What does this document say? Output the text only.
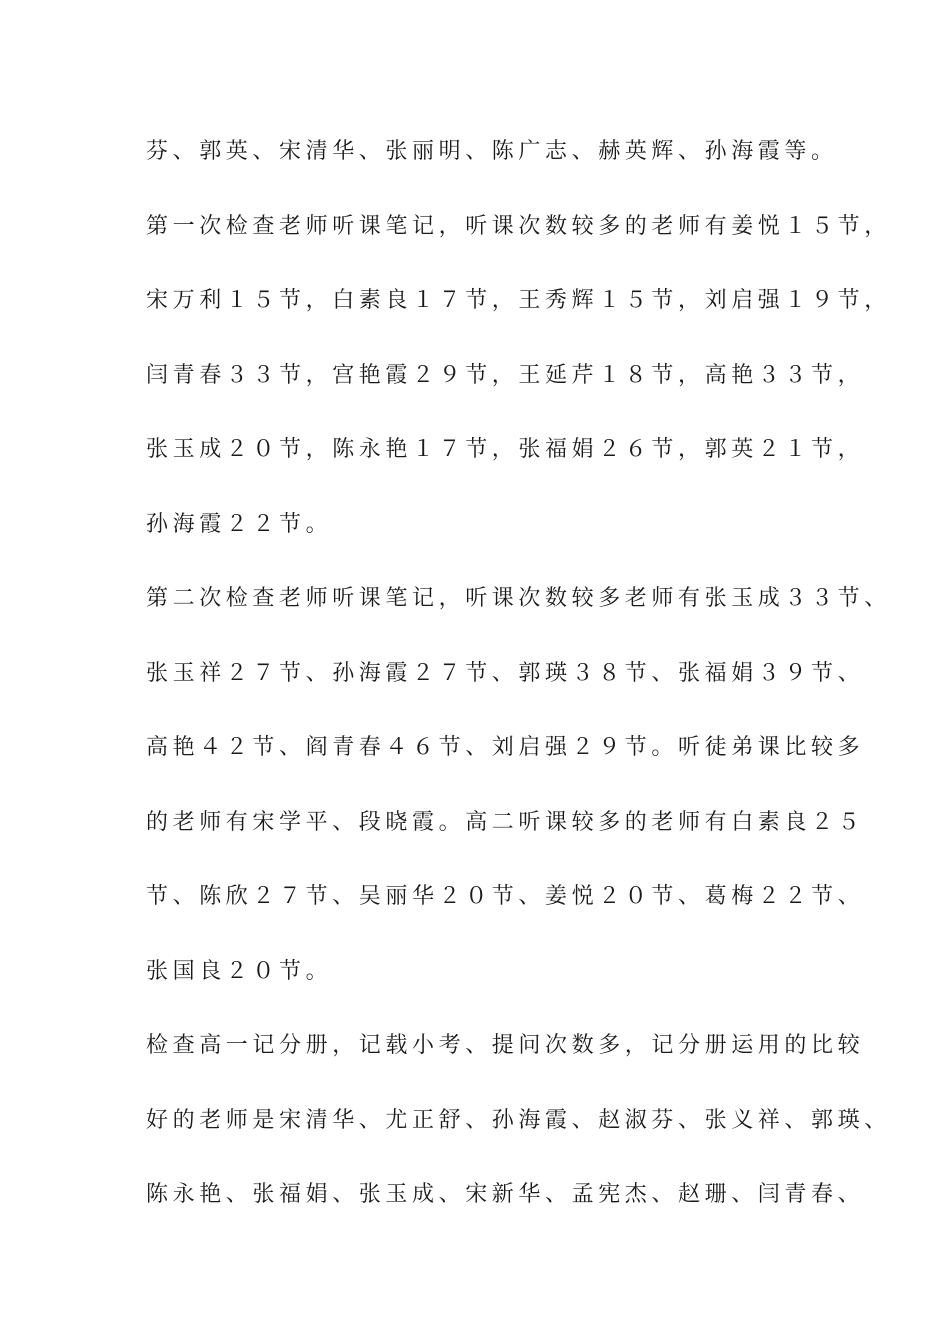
芬、郭英、宋清华、张丽明、陈广志、赫英辉、孙海霞等。
第一次检查老师听课笔记，听课次数较多的老师有姜悦１５节，
宋万利１５节，白素良１７节，王秀辉１５节，刘启强１９节，
闫青春３３节，宫艳霞２９节，王延芹１８节，高艳３３节，
张玉成２０节，陈永艳１７节，张福娟２６节，郭英２１节，
孙海霞２２节。
第二次检查老师听课笔记，听课次数较多老师有张玉成３３节、
张玉祥２７节、孙海霞２７节、郭瑛３８节、张福娟３９节、
高艳４２节、阎青春４６节、刘启强２９节。听徒弟课比较多
的老师有宋学平、段晓霞。高二听课较多的老师有白素良２５
节、陈欣２７节、吴丽华２０节、姜悦２０节、葛梅２２节、
张国良２０节。
检查高一记分册，记载小考、提问次数多，记分册运用的比较
好的老师是宋清华、尤正舒、孙海霞、赵淑芬、张义祥、郭瑛、
陈永艳、张福娟、张玉成、宋新华、孟宪杰、赵珊、闫青春、
